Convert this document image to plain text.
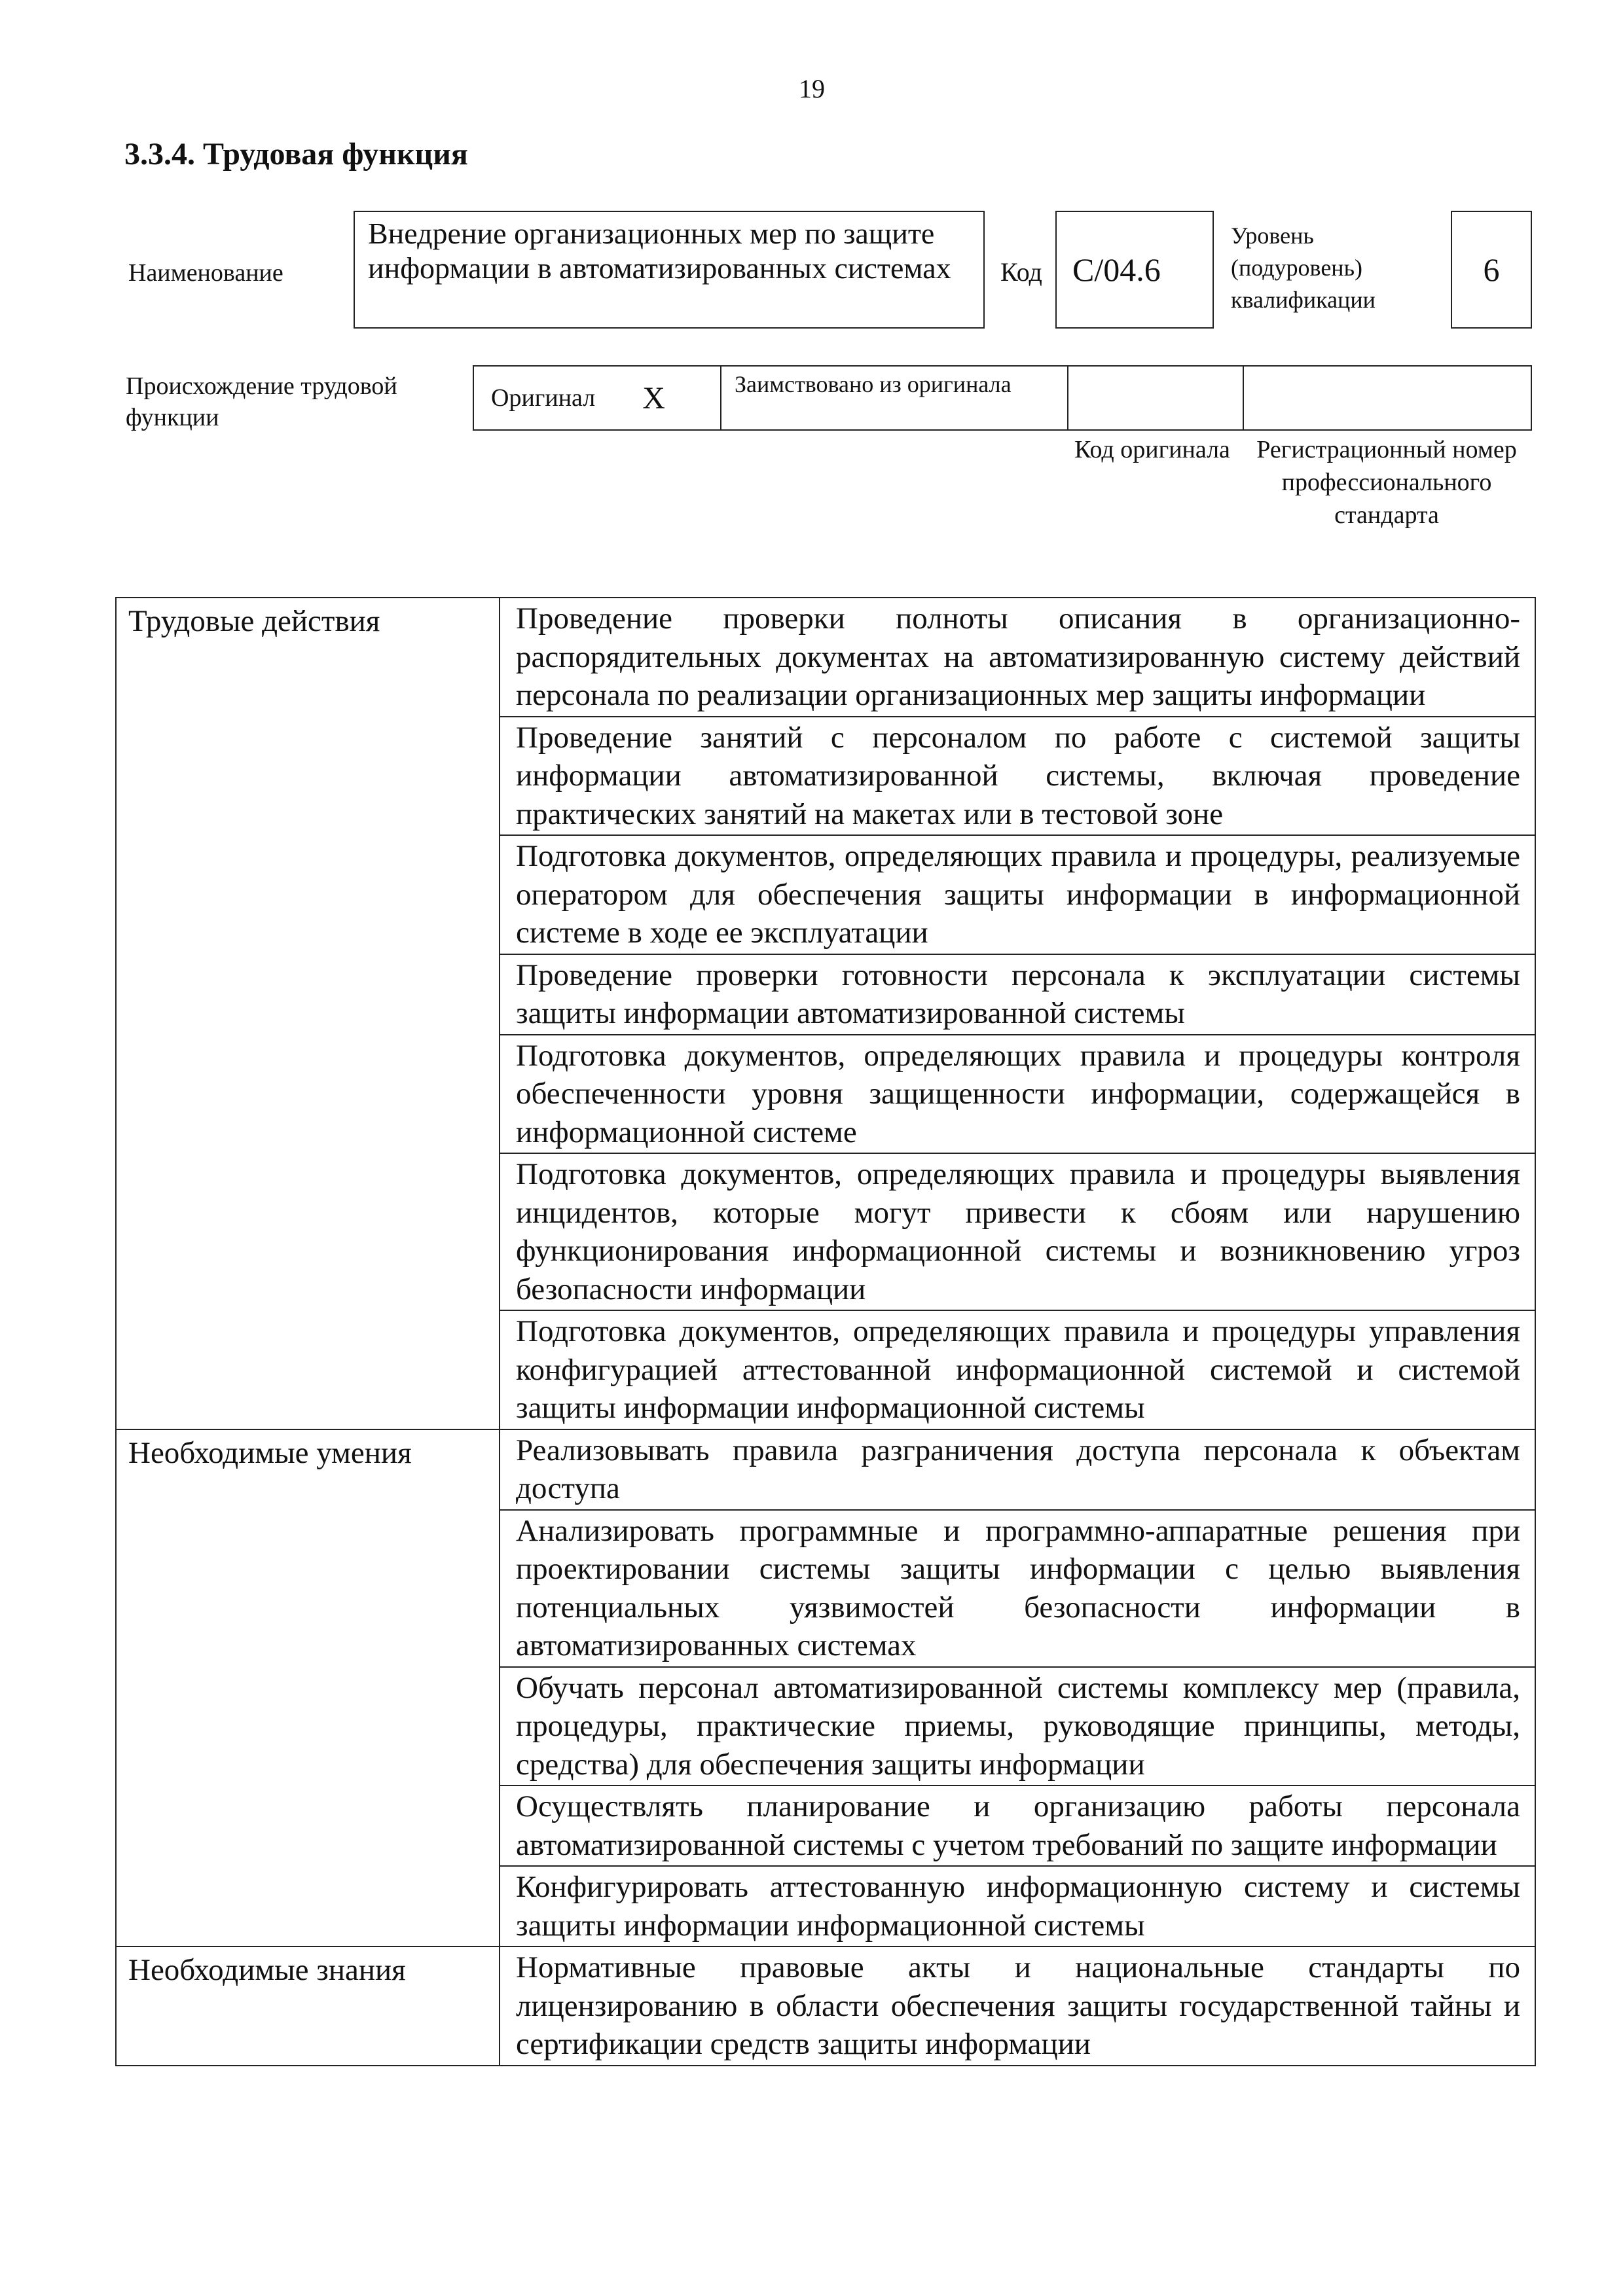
19
3.3.4. Трудовая функция
Наименование
Внедрение организационных мер по защите информации в автоматизированных системах	Код С/04.6
Уровень (подуровень) квалификации
6
Происхождение трудовой функции
Оригинал X	Заимствовано из оригинала
Код оригинала	Регистрационный номер профессионального стандарта
Трудовые действия	Проведение проверки полноты описания в организационно-распорядительных документах на автоматизированную систему действий персонала по реализации организационных мер защиты информации
	Проведение занятий с персоналом по работе с системой защиты информации автоматизированной системы, включая проведение практических занятий на макетах или в тестовой зоне
	Подготовка документов, определяющих правила и процедуры, реализуемые оператором для обеспечения защиты информации в информационной системе в ходе ее эксплуатации
	Проведение проверки готовности персонала к эксплуатации системы защиты информации автоматизированной системы
	Подготовка документов, определяющих правила и процедуры контроля обеспеченности уровня защищенности информации, содержащейся в информационной системе
	Подготовка документов, определяющих правила и процедуры выявления инцидентов, которые могут привести к сбоям или нарушению функционирования информационной системы и возникновению угроз безопасности информации
	Подготовка документов, определяющих правила и процедуры управления конфигурацией аттестованной информационной системой и системой защиты информации информационной системы
Необходимые умения	Реализовывать правила разграничения доступа персонала к объектам доступа
	Анализировать программные и программно-аппаратные решения при проектировании системы защиты информации с целью выявления потенциальных уязвимостей безопасности информации в автоматизированных системах
	Обучать персонал автоматизированной системы комплексу мер (правила, процедуры, практические приемы, руководящие принципы, методы, средства) для обеспечения защиты информации
	Осуществлять планирование и организацию работы персонала автоматизированной системы с учетом требований по защите информации
	Конфигурировать аттестованную информационную систему и системы защиты информации информационной системы
Необходимые знания	Нормативные правовые акты и национальные стандарты по лицензированию в области обеспечения защиты государственной тайны и сертификации средств защиты информации
